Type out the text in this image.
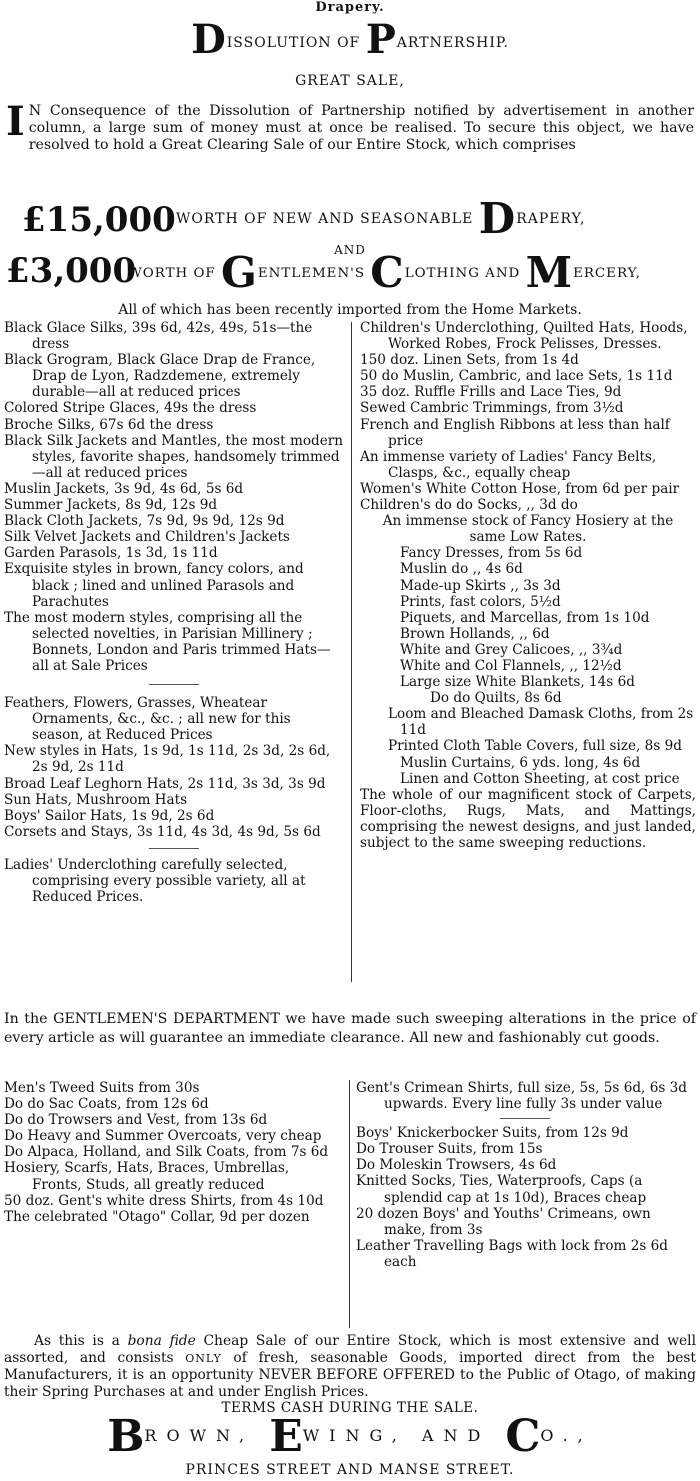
Drapery.
DISSOLUTION OF PARTNERSHIP.
GREAT SALE,
I N Consequence of the Dissolution of Partnership notified by advertisement in another column, a large sum of money must at once be realised. To secure this object, we have resolved to hold a Great Clearing Sale of our Entire Stock, which comprises
£15,000 WORTH OF NEW AND SEASONABLE DRAPERY,
AND
£3,000
WORTH OF GENTLEMEN'S CLOTHING AND MERCERY,
All of which has been recently imported from the Home Markets.
Black Glace Silks, 39s 6d, 42s, 49s, 51s—the dress
Black Grogram, Black Glace Drap de France, Drap de Lyon, Radzdemene, extremely durable—all at reduced prices
Colored Stripe Glaces, 49s the dress
Broche Silks, 67s 6d the dress
Black Silk Jackets and Mantles, the most modern styles, favorite shapes, handsomely trimmed—all at reduced prices
Muslin Jackets, 3s 9d, 4s 6d, 5s 6d
Summer Jackets, 8s 9d, 12s 9d
Black Cloth Jackets, 7s 9d, 9s 9d, 12s 9d
Silk Velvet Jackets and Children's Jackets
Garden Parasols, 1s 3d, 1s 11d
Exquisite styles in brown, fancy colors, and black ; lined and unlined Parasols and Parachutes
The most modern styles, comprising all the selected novelties, in Parisian Millinery ; Bonnets, London and Paris trimmed Hats—all at Sale Prices
Feathers, Flowers, Grasses, Wheatear Ornaments, &c., &c. ; all new for this season, at Reduced Prices
New styles in Hats, 1s 9d, 1s 11d, 2s 3d, 2s 6d, 2s 9d, 2s 11d
Broad Leaf Leghorn Hats, 2s 11d, 3s 3d, 3s 9d
Sun Hats, Mushroom Hats
Boys' Sailor Hats, 1s 9d, 2s 6d
Corsets and Stays, 3s 11d, 4s 3d, 4s 9d, 5s 6d
Ladies' Underclothing carefully selected, comprising every possible variety, all at Reduced Prices.
Children's Underclothing, Quilted Hats, Hoods, Worked Robes, Frock Pelisses, Dresses.
150 doz. Linen Sets, from 1s 4d
50 do Muslin, Cambric, and lace Sets, 1s 11d
35 doz. Ruffle Frills and Lace Ties, 9d
Sewed Cambric Trimmings, from 3½d
French and English Ribbons at less than half price
An immense variety of Ladies' Fancy Belts, Clasps, &c., equally cheap
Women's White Cotton Hose, from 6d per pair
Children's do do Socks, ,, 3d do
An immense stock of Fancy Hosiery at the same Low Rates.
Fancy Dresses, from 5s 6d
Muslin do ,, 4s 6d
Made-up Skirts ,, 3s 3d
Prints, fast colors, 5½d
Piquets, and Marcellas, from 1s 10d
Brown Hollands, ,, 6d
White and Grey Calicoes, ,, 3¾d
White and Col Flannels, ,, 12½d
Large size White Blankets, 14s 6d
Do do Quilts, 8s 6d
Loom and Bleached Damask Cloths, from 2s 11d
Printed Cloth Table Covers, full size, 8s 9d
Muslin Curtains, 6 yds. long, 4s 6d
Linen and Cotton Sheeting, at cost price
The whole of our magnificent stock of Carpets, Floor-cloths, Rugs, Mats, and Mattings, comprising the newest designs, and just landed, subject to the same sweeping reductions.
In the GENTLEMEN'S DEPARTMENT we have made such sweeping alterations in the price of every article as will guarantee an immediate clearance. All new and fashionably cut goods.
Men's Tweed Suits from 30s
Do do Sac Coats, from 12s 6d
Do do Trowsers and Vest, from 13s 6d
Do Heavy and Summer Overcoats, very cheap
Do Alpaca, Holland, and Silk Coats, from 7s 6d
Hosiery, Scarfs, Hats, Braces, Umbrellas, Fronts, Studs, all greatly reduced
50 doz. Gent's white dress Shirts, from 4s 10d
The celebrated "Otago" Collar, 9d per dozen
Gent's Crimean Shirts, full size, 5s, 5s 6d, 6s 3d upwards. Every line fully 3s under value
Boys' Knickerbocker Suits, from 12s 9d
Do Trouser Suits, from 15s
Do Moleskin Trowsers, 4s 6d
Knitted Socks, Ties, Waterproofs, Caps (a splendid cap at 1s 10d), Braces cheap
20 dozen Boys' and Youths' Crimeans, own make, from 3s
Leather Travelling Bags with lock from 2s 6d each
As this is a bona fide Cheap Sale of our Entire Stock, which is most extensive and well assorted, and consists ONLY of fresh, seasonable Goods, imported direct from the best Manufacturers, it is an opportunity NEVER BEFORE OFFERED to the Public of Otago, of making their Spring Purchases at and under English Prices.
TERMS CASH DURING THE SALE.
BROWN, EWING, AND CO.,
PRINCES STREET AND MANSE STREET.
